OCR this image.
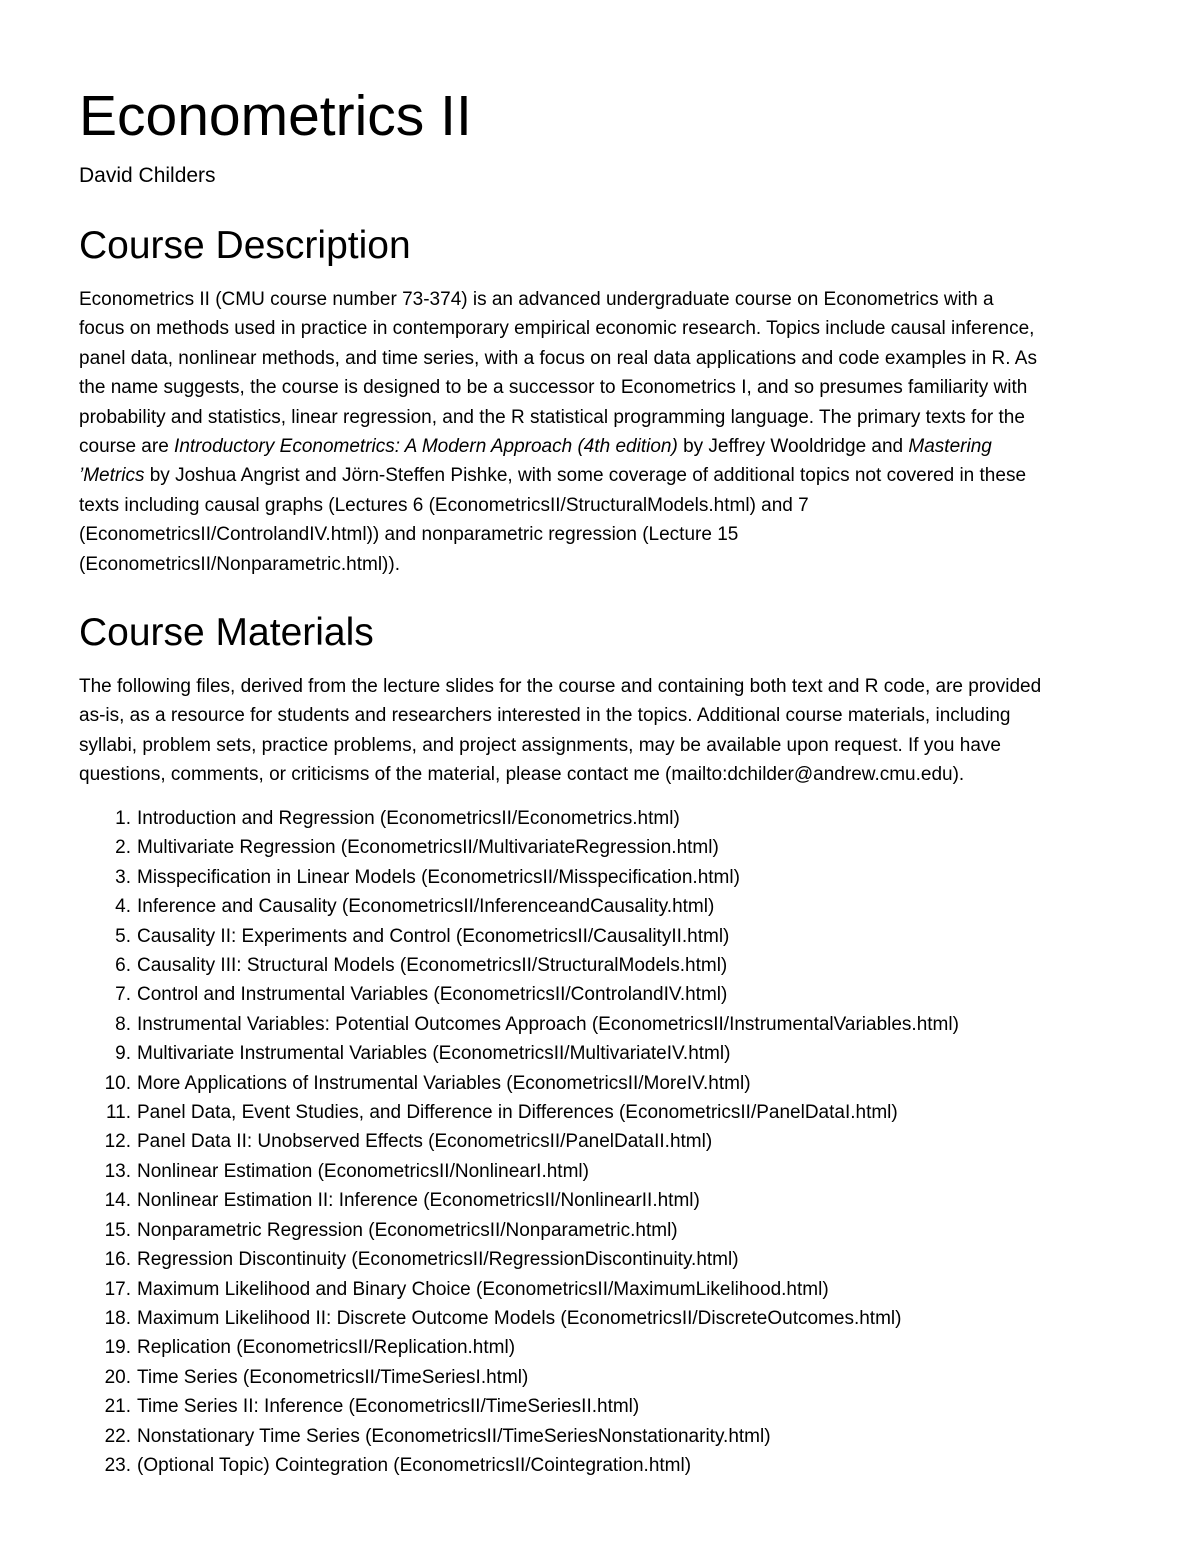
Econometrics II
David Childers
Course Description

Econometrics II (CMU course number 73-374) is an advanced undergraduate course on Econometrics with a
focus on methods used in practice in contemporary empirical economic research. Topics include causal inference,
panel data, nonlinear methods, and time series, with a focus on real data applications and code examples in R. As
the name suggests, the course is designed to be a successor to Econometrics I, and so presumes familiarity with
probability and statistics, linear regression, and the R statistical programming language. The primary texts for the
course are Introductory Econometrics: A Modern Approach (4th edition) by Jeffrey Wooldridge and Mastering
’Metrics by Joshua Angrist and Jörn-Steffen Pishke, with some coverage of additional topics not covered in these
texts including causal graphs (Lectures 6 (EconometricsII/StructuralModels.html) and 7
(EconometricsII/ControlandIV.html)) and nonparametric regression (Lecture 15
(EconometricsII/Nonparametric.html)).

Course Materials

The following files, derived from the lecture slides for the course and containing both text and R code, are provided
as-is, as a resource for students and researchers interested in the topics. Additional course materials, including
syllabi, problem sets, practice problems, and project assignments, may be available upon request. If you have
questions, comments, or criticisms of the material, please contact me (mailto:dchilder@andrew.cmu.edu).

1. Introduction and Regression (EconometricsII/Econometrics.html)
2. Multivariate Regression (EconometricsII/MultivariateRegression.html)
3. Misspecification in Linear Models (EconometricsII/Misspecification.html)
4. Inference and Causality (EconometricsII/InferenceandCausality.html)
5. Causality II: Experiments and Control (EconometricsII/CausalityII.html)
6. Causality III: Structural Models (EconometricsII/StructuralModels.html)
7. Control and Instrumental Variables (EconometricsII/ControlandIV.html)
8. Instrumental Variables: Potential Outcomes Approach (EconometricsII/InstrumentalVariables.html)
9. Multivariate Instrumental Variables (EconometricsII/MultivariateIV.html)
10. More Applications of Instrumental Variables (EconometricsII/MoreIV.html)
11. Panel Data, Event Studies, and Difference in Differences (EconometricsII/PanelDataI.html)
12. Panel Data II: Unobserved Effects (EconometricsII/PanelDataII.html)
13. Nonlinear Estimation (EconometricsII/NonlinearI.html)
14. Nonlinear Estimation II: Inference (EconometricsII/NonlinearII.html)
15. Nonparametric Regression (EconometricsII/Nonparametric.html)
16. Regression Discontinuity (EconometricsII/RegressionDiscontinuity.html)
17. Maximum Likelihood and Binary Choice (EconometricsII/MaximumLikelihood.html)
18. Maximum Likelihood II: Discrete Outcome Models (EconometricsII/DiscreteOutcomes.html)
19. Replication (EconometricsII/Replication.html)
20. Time Series (EconometricsII/TimeSeriesI.html)
21. Time Series II: Inference (EconometricsII/TimeSeriesII.html)
22. Nonstationary Time Series (EconometricsII/TimeSeriesNonstationarity.html)
23. (Optional Topic) Cointegration (EconometricsII/Cointegration.html)
